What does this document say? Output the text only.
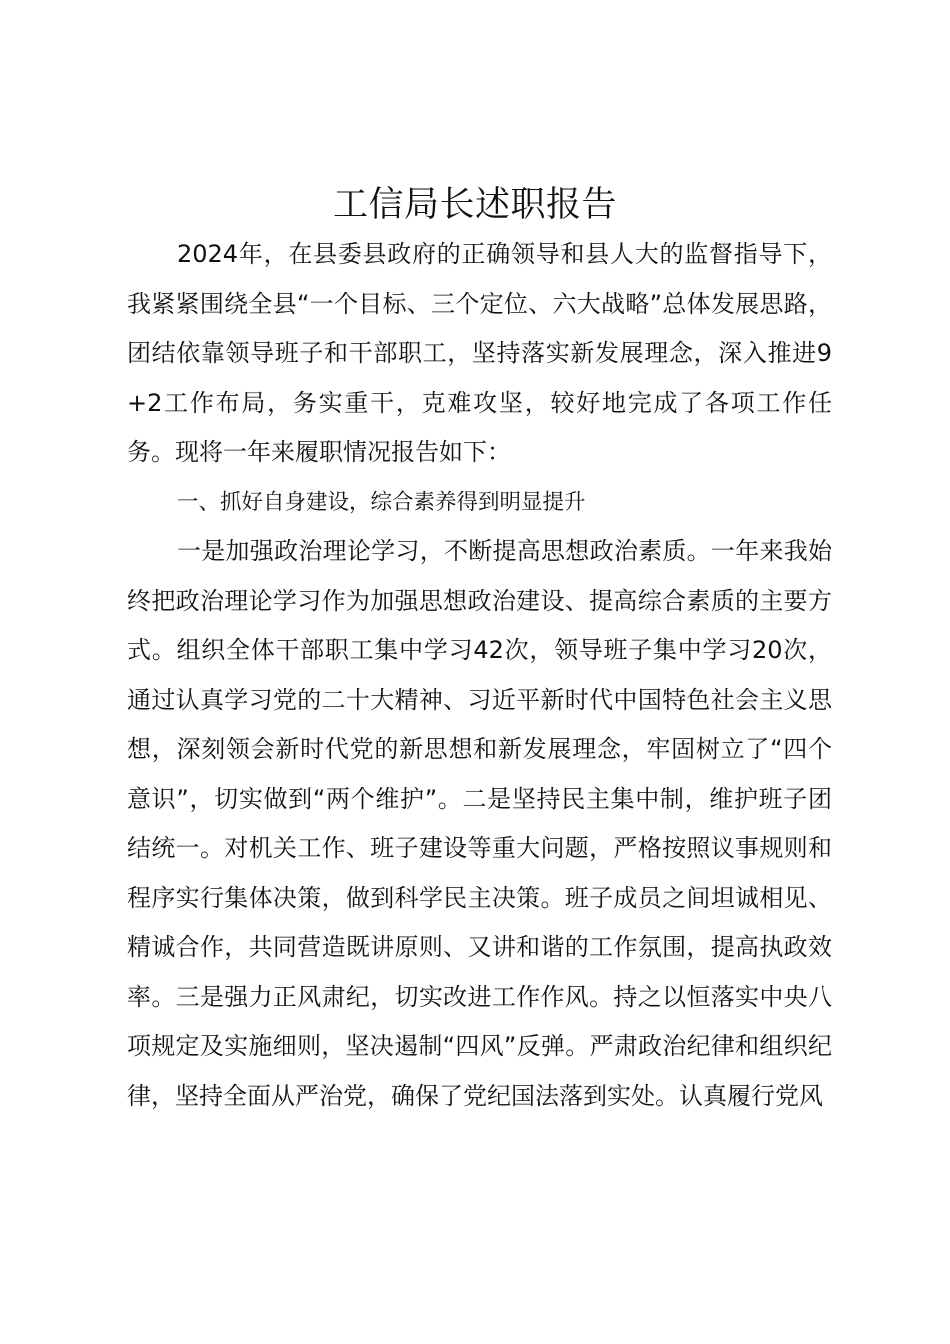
工信局长述职报告

2024年，在县委县政府的正确领导和县人大的监督指导下，我紧紧围绕全县“一个目标、三个定位、六大战略”总体发展思路，团结依靠领导班子和干部职工，坚持落实新发展理念，深入推进9+2工作布局，务实重干，克难攻坚，较好地完成了各项工作任务。现将一年来履职情况报告如下：

一、抓好自身建设，综合素养得到明显提升

一是加强政治理论学习，不断提高思想政治素质。一年来我始终把政治理论学习作为加强思想政治建设、提高综合素质的主要方式。组织全体干部职工集中学习42次，领导班子集中学习20次，通过认真学习党的二十大精神、习近平新时代中国特色社会主义思想，深刻领会新时代党的新思想和新发展理念，牢固树立了“四个意识”，切实做到“两个维护”。二是坚持民主集中制，维护班子团结统一。对机关工作、班子建设等重大问题，严格按照议事规则和程序实行集体决策，做到科学民主决策。班子成员之间坦诚相见、精诚合作，共同营造既讲原则、又讲和谐的工作氛围，提高执政效率。三是强力正风肃纪，切实改进工作作风。持之以恒落实中央八项规定及实施细则，坚决遏制“四风”反弹。严肃政治纪律和组织纪律，坚持全面从严治党，确保了党纪国法落到实处。认真履行党风
